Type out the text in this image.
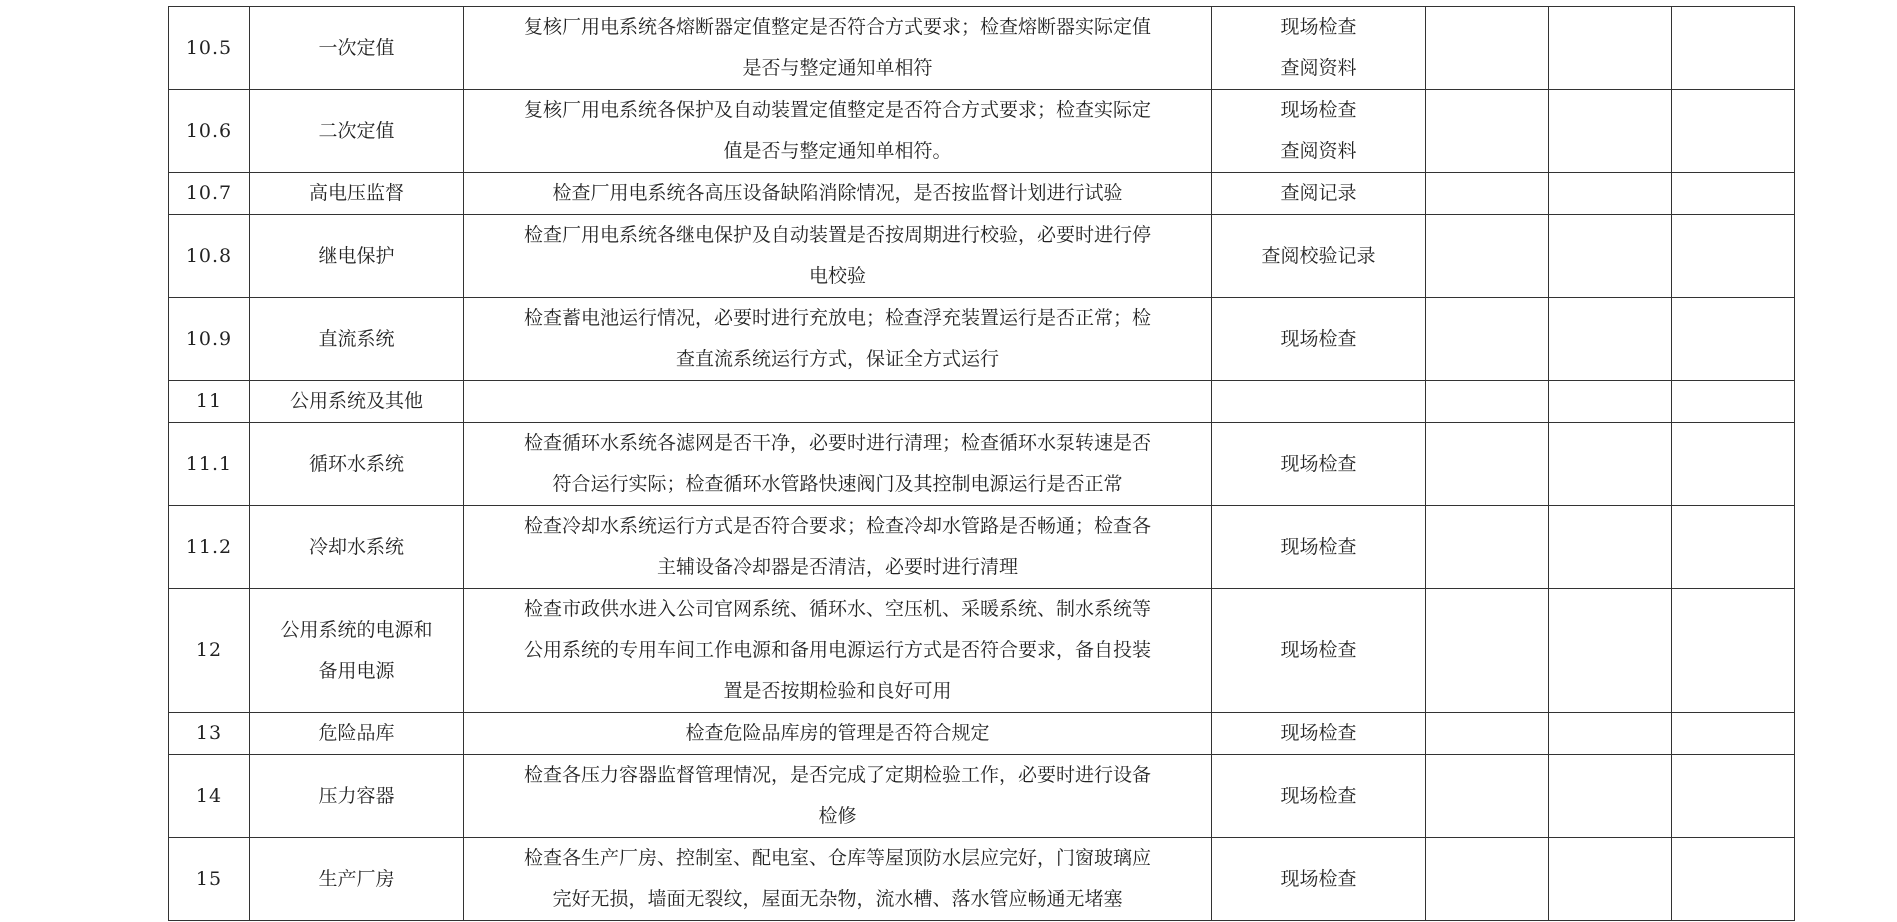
10.5	一次定值	复核厂用电系统各熔断器定值整定是否符合方式要求；检查熔断器实际定值
是否与整定通知单相符	现场检查
查阅资料			

10.6	二次定值	复核厂用电系统各保护及自动装置定值整定是否符合方式要求；检查实际定
值是否与整定通知单相符。	现场检查
查阅资料			

10.7	高电压监督	检查厂用电系统各高压设备缺陷消除情况，是否按监督计划进行试验	查阅记录			

10.8	继电保护	检查厂用电系统各继电保护及自动装置是否按周期进行校验，必要时进行停
电校验	查阅校验记录			

10.9	直流系统	检查蓄电池运行情况，必要时进行充放电；检查浮充装置运行是否正常；检
查直流系统运行方式，保证全方式运行	现场检查			

11	公用系统及其他					

11.1	循环水系统	检查循环水系统各滤网是否干净，必要时进行清理；检查循环水泵转速是否
符合运行实际；检查循环水管路快速阀门及其控制电源运行是否正常	现场检查			

11.2	冷却水系统	检查冷却水系统运行方式是否符合要求；检查冷却水管路是否畅通；检查各
主辅设备冷却器是否清洁，必要时进行清理	现场检查			

12	公用系统的电源和
备用电源	检查市政供水进入公司官网系统、循环水、空压机、采暖系统、制水系统等
公用系统的专用车间工作电源和备用电源运行方式是否符合要求，备自投装
置是否按期检验和良好可用	现场检查			

13	危险品库	检查危险品库房的管理是否符合规定	现场检查			

14	压力容器	检查各压力容器监督管理情况，是否完成了定期检验工作，必要时进行设备
检修	现场检查			

15	生产厂房	检查各生产厂房、控制室、配电室、仓库等屋顶防水层应完好，门窗玻璃应
完好无损，墙面无裂纹，屋面无杂物，流水槽、落水管应畅通无堵塞	现场检查			
